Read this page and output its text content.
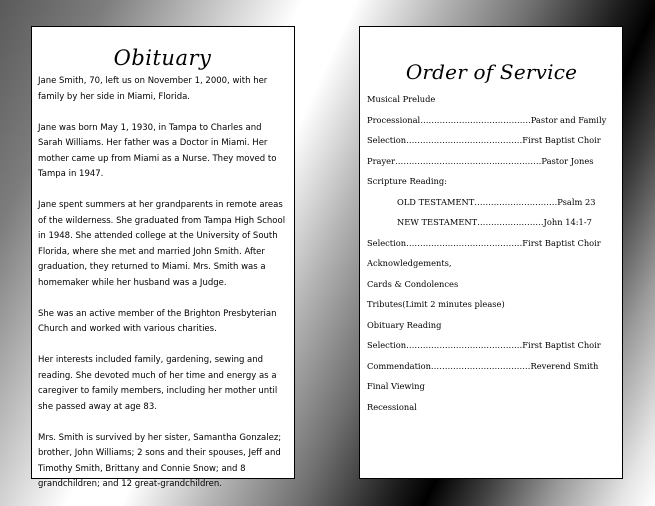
Obituary

Jane Smith, 70, left us on November 1, 2000, with her family by her side in Miami, Florida.

Jane was born May 1, 1930, in Tampa to Charles and Sarah Williams. Her father was a Doctor in Miami. Her mother came up from Miami as a Nurse. They moved to Tampa in 1947.

Jane spent summers at her grandparents in remote areas of the wilderness. She graduated from Tampa High School in 1948. She attended college at the University of South Florida, where she met and married John Smith. After graduation, they returned to Miami. Mrs. Smith was a homemaker while her husband was a Judge.

She was an active member of the Brighton Presbyterian Church and worked with various charities.

Her interests included family, gardening, sewing and reading. She devoted much of her time and energy as a caregiver to family members, including her mother until she passed away at age 83.

Mrs. Smith is survived by her sister, Samantha Gonzalez; brother, John Williams; 2 sons and their spouses, Jeff and Timothy Smith, Brittany and Connie Snow; and 8 grandchildren; and 12 great-grandchildren.

Order of Service
Musical Prelude
Processional………………………………….Pastor and Family
Selection……………………………………First Baptist Choir
Prayer………………………………..……………Pastor Jones
Scripture Reading:
OLD TESTAMENT…………………………Psalm 23
NEW TESTAMENT……………………John 14:1-7
Selection……………………………………First Baptist Choir
Acknowledgements,
Cards & Condolences
Tributes(Limit 2 minutes please)
Obituary Reading
Selection……………………………………First Baptist Choir
Commendation………………………………Reverend Smith
Final Viewing
Recessional
